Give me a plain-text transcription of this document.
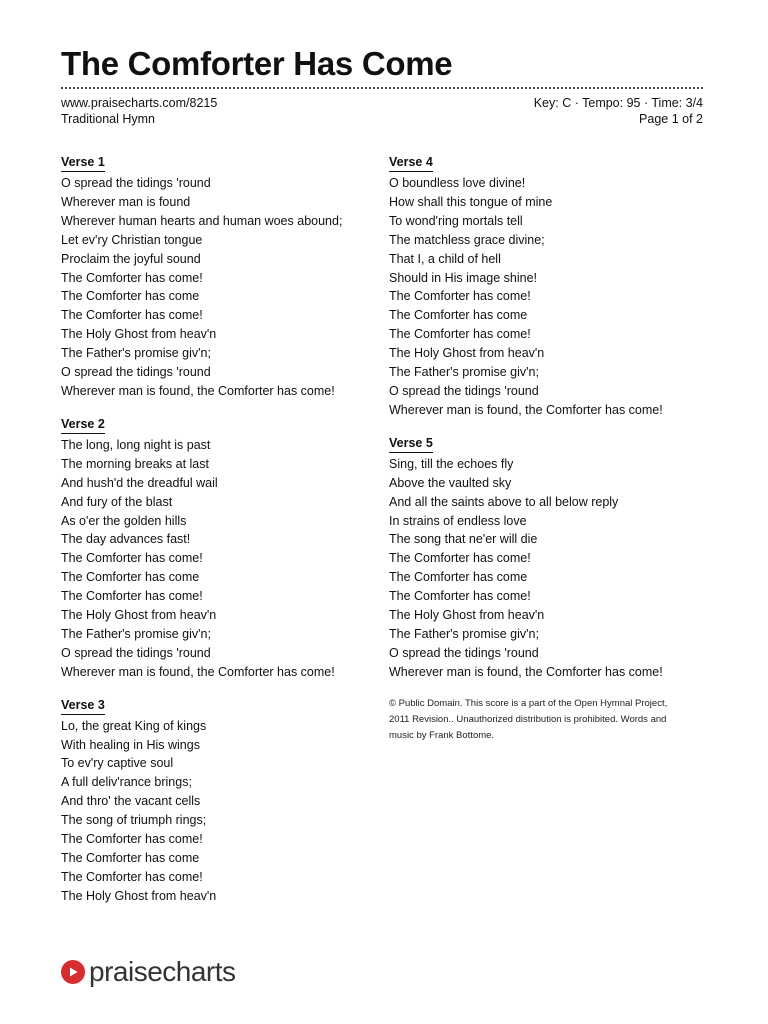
The Comforter Has Come
www.praisecharts.com/8215
Traditional Hymn
Key: C · Tempo: 95 · Time: 3/4
Page 1 of 2
Verse 1
O spread the tidings 'round
Wherever man is found
Wherever human hearts and human woes abound;
Let ev'ry Christian tongue
Proclaim the joyful sound
The Comforter has come!
The Comforter has come
The Comforter has come!
The Holy Ghost from heav'n
The Father's promise giv'n;
O spread the tidings 'round
Wherever man is found, the Comforter has come!
Verse 2
The long, long night is past
The morning breaks at last
And hush'd the dreadful wail
And fury of the blast
As o'er the golden hills
The day advances fast!
The Comforter has come!
The Comforter has come
The Comforter has come!
The Holy Ghost from heav'n
The Father's promise giv'n;
O spread the tidings 'round
Wherever man is found, the Comforter has come!
Verse 3
Lo, the great King of kings
With healing in His wings
To ev'ry captive soul
A full deliv'rance brings;
And thro' the vacant cells
The song of triumph rings;
The Comforter has come!
The Comforter has come
The Comforter has come!
The Holy Ghost from heav'n
Verse 4
O boundless love divine!
How shall this tongue of mine
To wond'ring mortals tell
The matchless grace divine;
That I, a child of hell
Should in His image shine!
The Comforter has come!
The Comforter has come
The Comforter has come!
The Holy Ghost from heav'n
The Father's promise giv'n;
O spread the tidings 'round
Wherever man is found, the Comforter has come!
Verse 5
Sing, till the echoes fly
Above the vaulted sky
And all the saints above to all below reply
In strains of endless love
The song that ne'er will die
The Comforter has come!
The Comforter has come
The Comforter has come!
The Holy Ghost from heav'n
The Father's promise giv'n;
O spread the tidings 'round
Wherever man is found, the Comforter has come!
© Public Domain. This score is a part of the Open Hymnal Project, 2011 Revision.. Unauthorized distribution is prohibited. Words and music by Frank Bottome.
praisecharts
